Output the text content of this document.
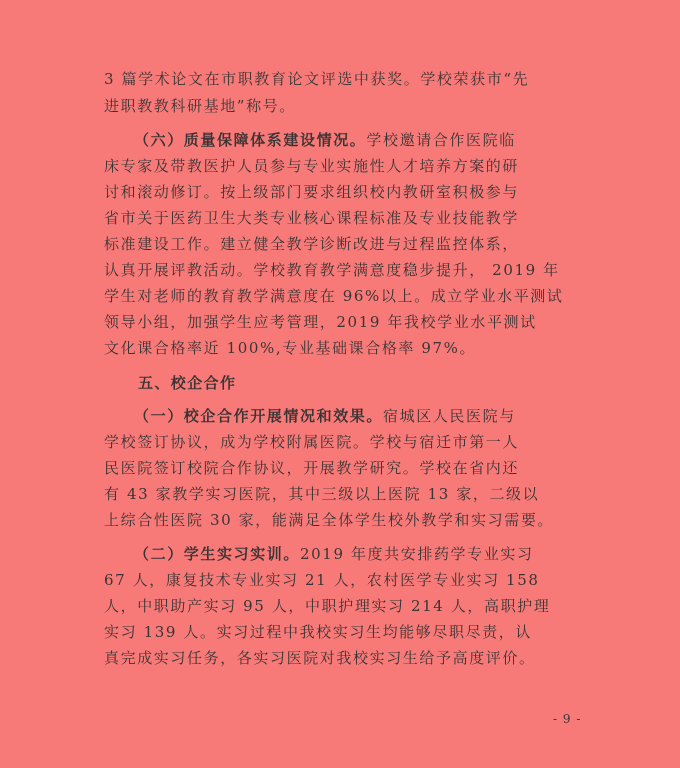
3 篇学术论文在市职教育论文评选中获奖。学校荣获市“先
进职教教科研基地”称号。
（六）质量保障体系建设情况。学校邀请合作医院临
床专家及带教医护人员参与专业实施性人才培养方案的研
讨和滚动修订。按上级部门要求组织校内教研室积极参与
省市关于医药卫生大类专业核心课程标准及专业技能教学
标准建设工作。建立健全教学诊断改进与过程监控体系，
认真开展评教活动。学校教育教学满意度稳步提升， 2019 年
学生对老师的教育教学满意度在 96%以上。成立学业水平测试
领导小组，加强学生应考管理，2019 年我校学业水平测试
文化课合格率近 100%,专业基础课合格率 97%。
五、校企合作
（一）校企合作开展情况和效果。宿城区人民医院与
学校签订协议，成为学校附属医院。学校与宿迁市第一人
民医院签订校院合作协议，开展教学研究。学校在省内还
有 43 家教学实习医院，其中三级以上医院 13 家，二级以
上综合性医院 30 家，能满足全体学生校外教学和实习需要。
（二）学生实习实训。2019 年度共安排药学专业实习
67 人，康复技术专业实习 21 人，农村医学专业实习 158
人，中职助产实习 95 人，中职护理实习 214 人，高职护理
实习 139 人。实习过程中我校实习生均能够尽职尽责，认
真完成实习任务，各实习医院对我校实习生给予高度评价。
- 9 -
